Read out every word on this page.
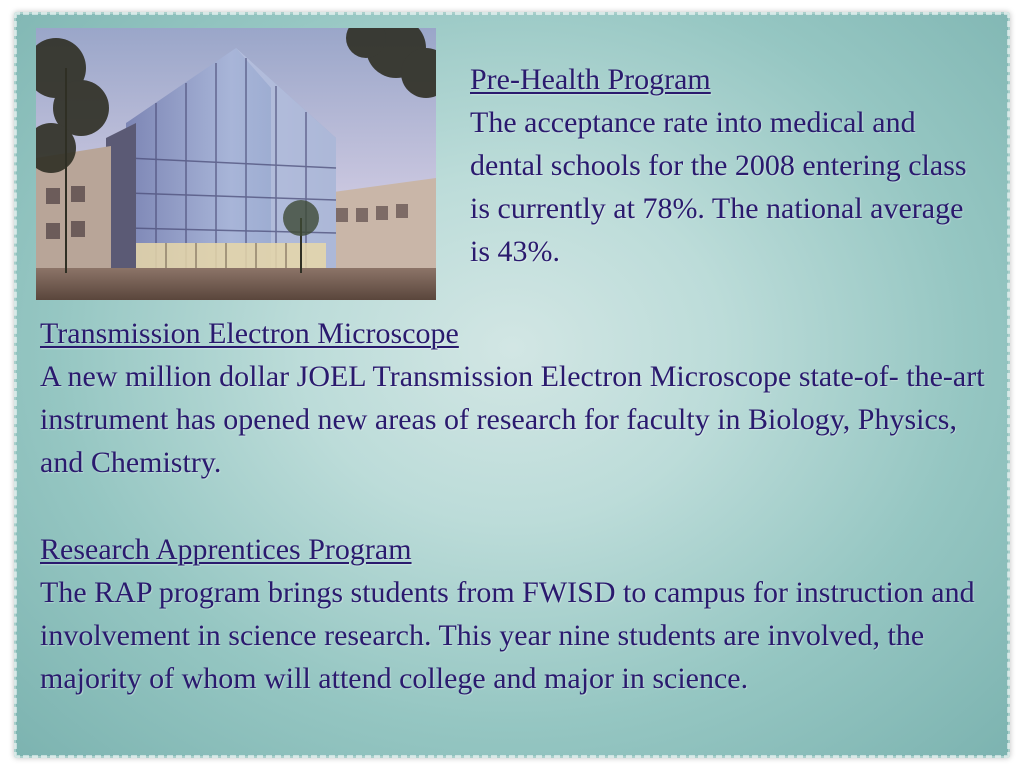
Pre-Health Program
The acceptance rate into medical and dental schools for the 2008 entering class is currently at 78%. The national average is 43%.
Transmission Electron Microscope
A new million dollar JOEL Transmission Electron Microscope state-of- the-art instrument has opened new areas of research for faculty in Biology, Physics, and Chemistry.
Research Apprentices Program
The RAP program brings students from FWISD to campus for instruction and involvement in science research. This year nine students are involved, the majority of whom will attend college and major in science.
